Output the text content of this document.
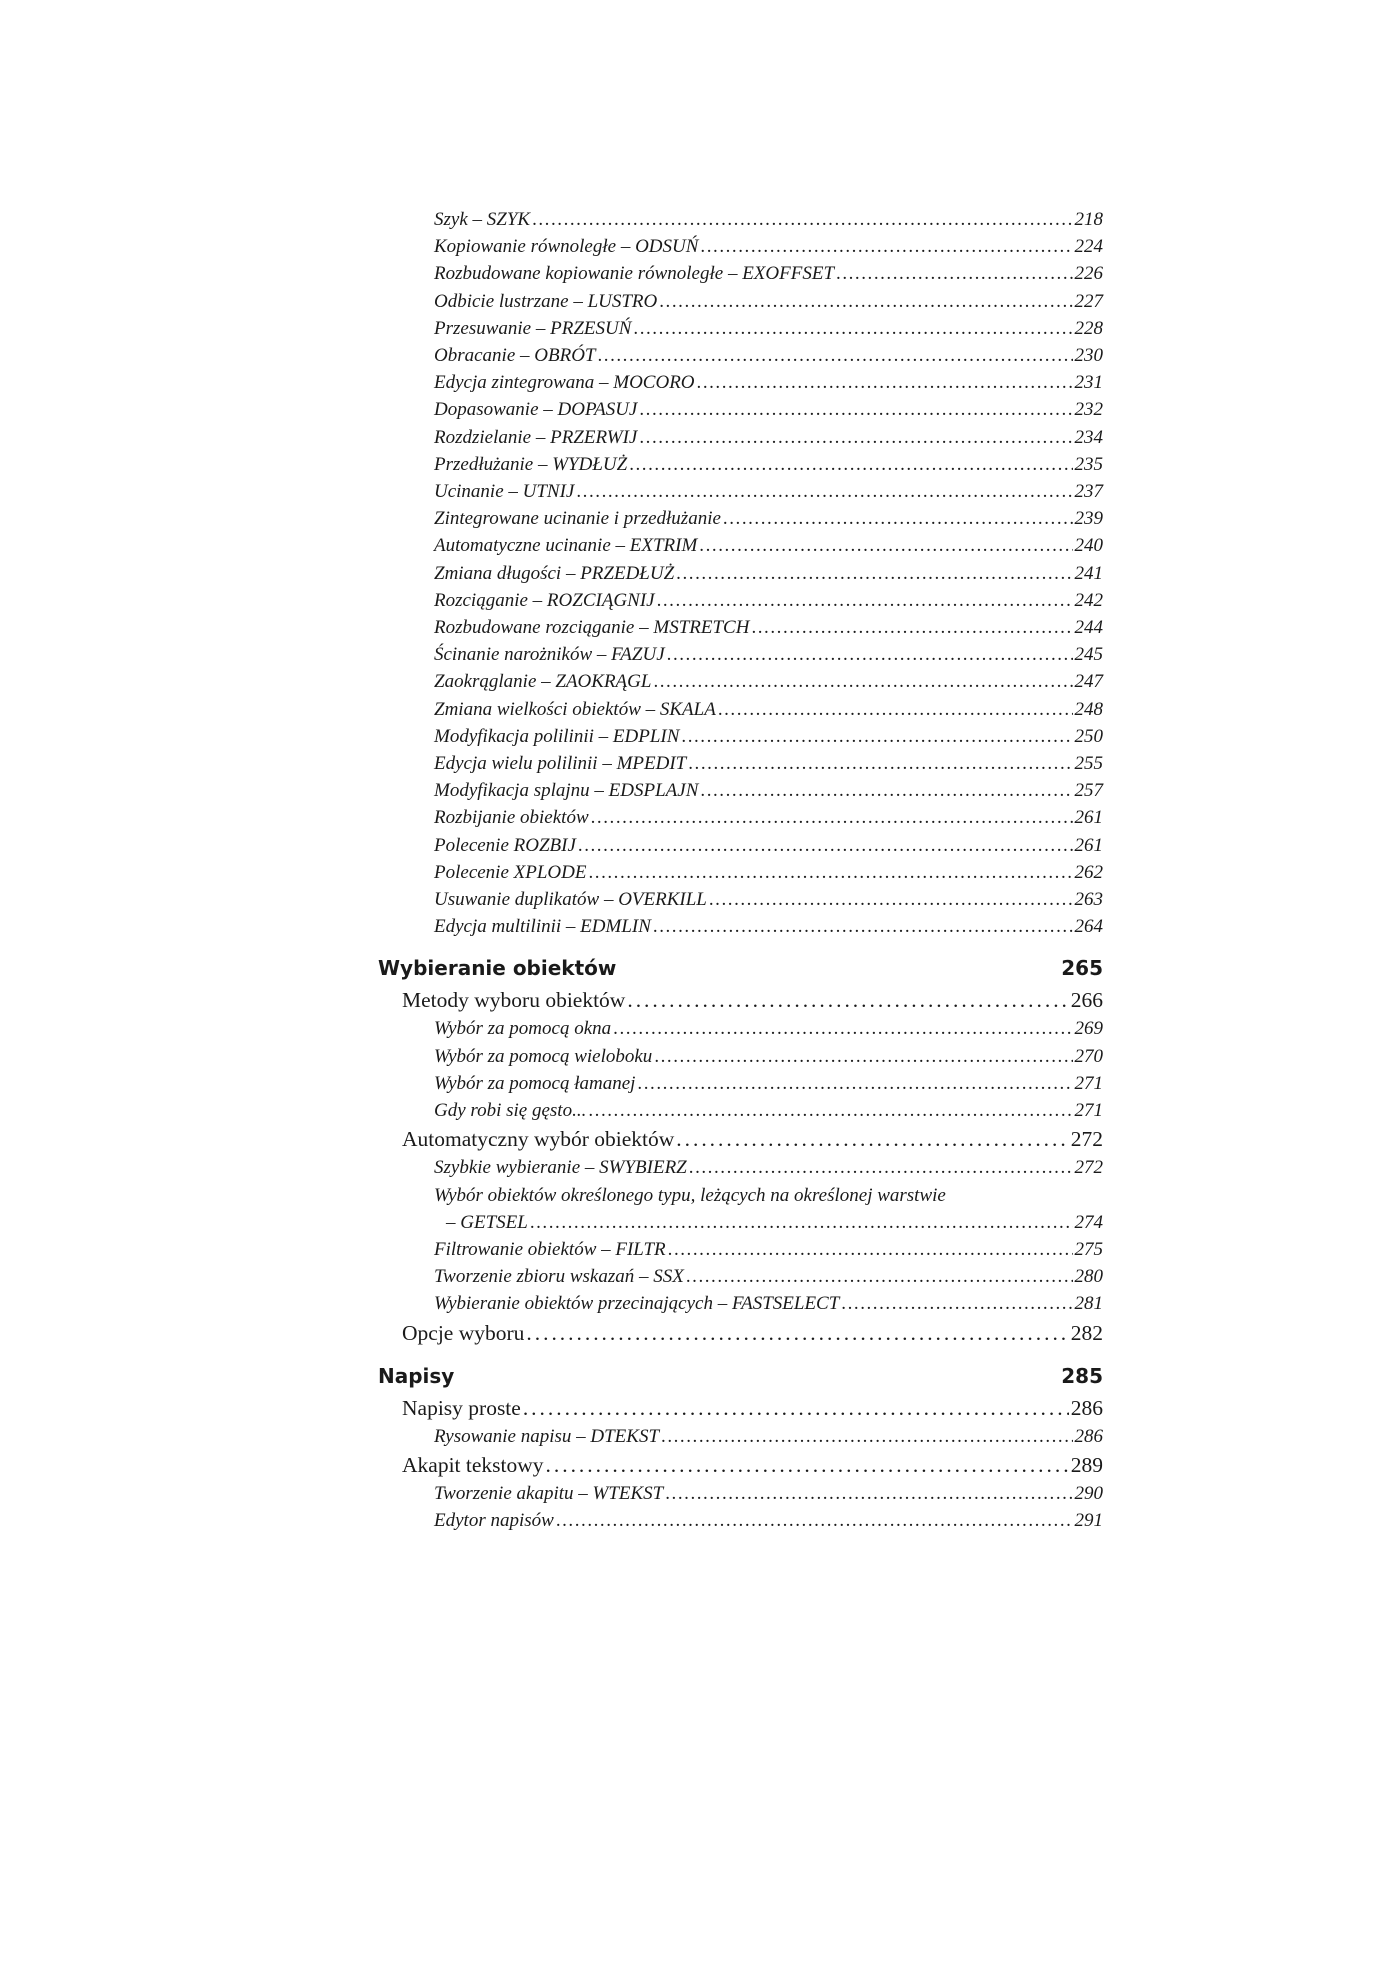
Szyk – SZYK . . .	218
Kopiowanie równoległe – ODSUŃ . . .	224
Rozbudowane kopiowanie równoległe – EXOFFSET . . .	226
Odbicie lustrzane – LUSTRO . . .	227
Przesuwanie – PRZESUŃ . . .	228
Obracanie – OBRÓT . . .	230
Edycja zintegrowana – MOCORO . . .	231
Dopasowanie – DOPASUJ . . .	232
Rozdzielanie – PRZERWIJ . . .	234
Przedłużanie – WYDŁUŻ . . .	235
Ucinanie – UTNIJ . . .	237
Zintegrowane ucinanie i przedłużanie . . .	239
Automatyczne ucinanie – EXTRIM . . .	240
Zmiana długości – PRZEDŁUŻ . . .	241
Rozciąganie – ROZCIĄGNIJ . . .	242
Rozbudowane rozciąganie – MSTRETCH . . .	244
Ścinanie narożników – FAZUJ . . .	245
Zaokrąglanie – ZAOKRĄGL . . .	247
Zmiana wielkości obiektów – SKALA . . .	248
Modyfikacja polilinii – EDPLIN . . .	250
Edycja wielu polilinii – MPEDIT . . .	255
Modyfikacja splajnu – EDSPLAJN . . .	257
Rozbijanie obiektów . . .	261
Polecenie ROZBIJ . . .	261
Polecenie XPLODE . . .	262
Usuwanie duplikatów – OVERKILL . . .	263
Edycja multilinii – EDMLIN . . .	264
Wybieranie obiektów	265
Metody wyboru obiektów . . .	266
Wybór za pomocą okna . . .	269
Wybór za pomocą wieloboku . . .	270
Wybór za pomocą łamanej . . .	271
Gdy robi się gęsto... . . .	271
Automatyczny wybór obiektów . . .	272
Szybkie wybieranie – SWYBIERZ . . .	272
Wybór obiektów określonego typu, leżących na określonej warstwie
– GETSEL . . .	274
Filtrowanie obiektów – FILTR . . .	275
Tworzenie zbioru wskazań – SSX . . .	280
Wybieranie obiektów przecinających – FASTSELECT . . .	281
Opcje wyboru . . .	282
Napisy	285
Napisy proste . . .	286
Rysowanie napisu – DTEKST . . .	286
Akapit tekstowy . . .	289
Tworzenie akapitu – WTEKST . . .	290
Edytor napisów . . .	291
